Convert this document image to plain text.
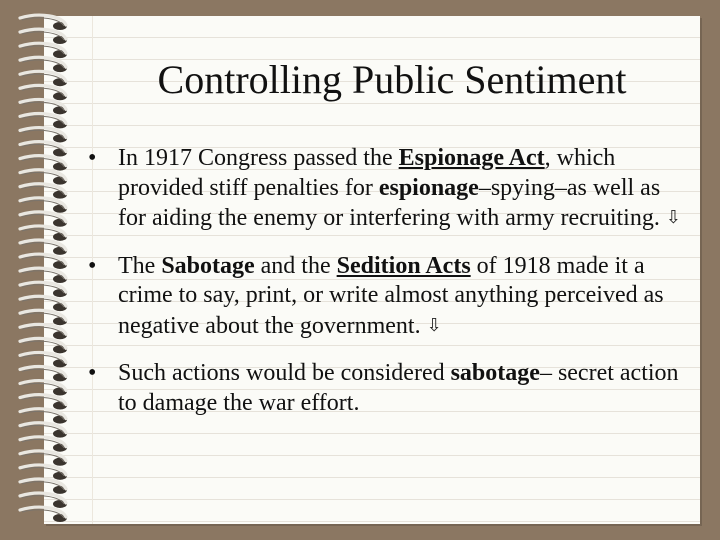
Controlling Public Sentiment
• In 1917 Congress passed the Espionage Act, which provided stiff penalties for espionage–spying–as well as for aiding the enemy or interfering with army recruiting. ⇩
• The Sabotage and the Sedition Acts of 1918 made it a crime to say, print, or write almost anything perceived as negative about the government. ⇩
• Such actions would be considered sabotage– secret action to damage the war effort.
